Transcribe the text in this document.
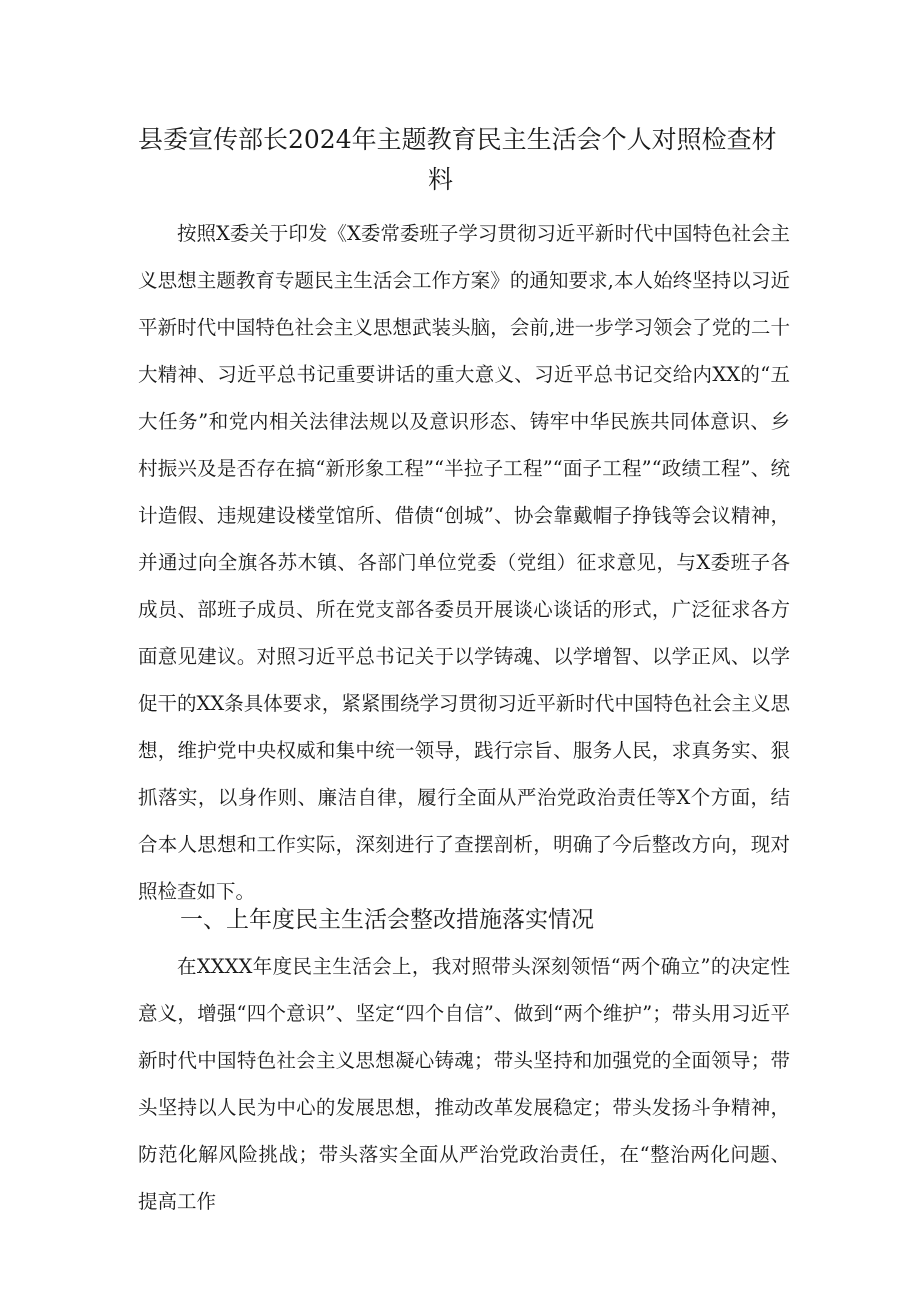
县委宣传部长2024年主题教育民主生活会个人对照检查材
料

按照X委关于印发《X委常委班子学习贯彻习近平新时代中国特色社会主义思想主题教育专题民主生活会工作方案》的通知要求,本人始终坚持以习近平新时代中国特色社会主义思想武装头脑，会前,进一步学习领会了党的二十大精神、习近平总书记重要讲话的重大意义、习近平总书记交给内XX的“五大任务”和党内相关法律法规以及意识形态、铸牢中华民族共同体意识、乡村振兴及是否存在搞“新形象工程”“半拉子工程”“面子工程”“政绩工程”、统计造假、违规建设楼堂馆所、借债“创城”、协会靠戴帽子挣钱等会议精神，并通过向全旗各苏木镇、各部门单位党委（党组）征求意见，与X委班子各成员、部班子成员、所在党支部各委员开展谈心谈话的形式，广泛征求各方面意见建议。对照习近平总书记关于以学铸魂、以学增智、以学正风、以学促干的XX条具体要求，紧紧围绕学习贯彻习近平新时代中国特色社会主义思想，维护党中央权威和集中统一领导，践行宗旨、服务人民，求真务实、狠抓落实，以身作则、廉洁自律，履行全面从严治党政治责任等X个方面，结合本人思想和工作实际，深刻进行了查摆剖析，明确了今后整改方向，现对照检查如下。

一、上年度民主生活会整改措施落实情况

在XXXX年度民主生活会上，我对照带头深刻领悟“两个确立”的决定性意义，增强“四个意识”、坚定“四个自信”、做到“两个维护”；带头用习近平新时代中国特色社会主义思想凝心铸魂；带头坚持和加强党的全面领导；带头坚持以人民为中心的发展思想，推动改革发展稳定；带头发扬斗争精神，防范化解风险挑战；带头落实全面从严治党政治责任，在“整治两化问题、提高工作
